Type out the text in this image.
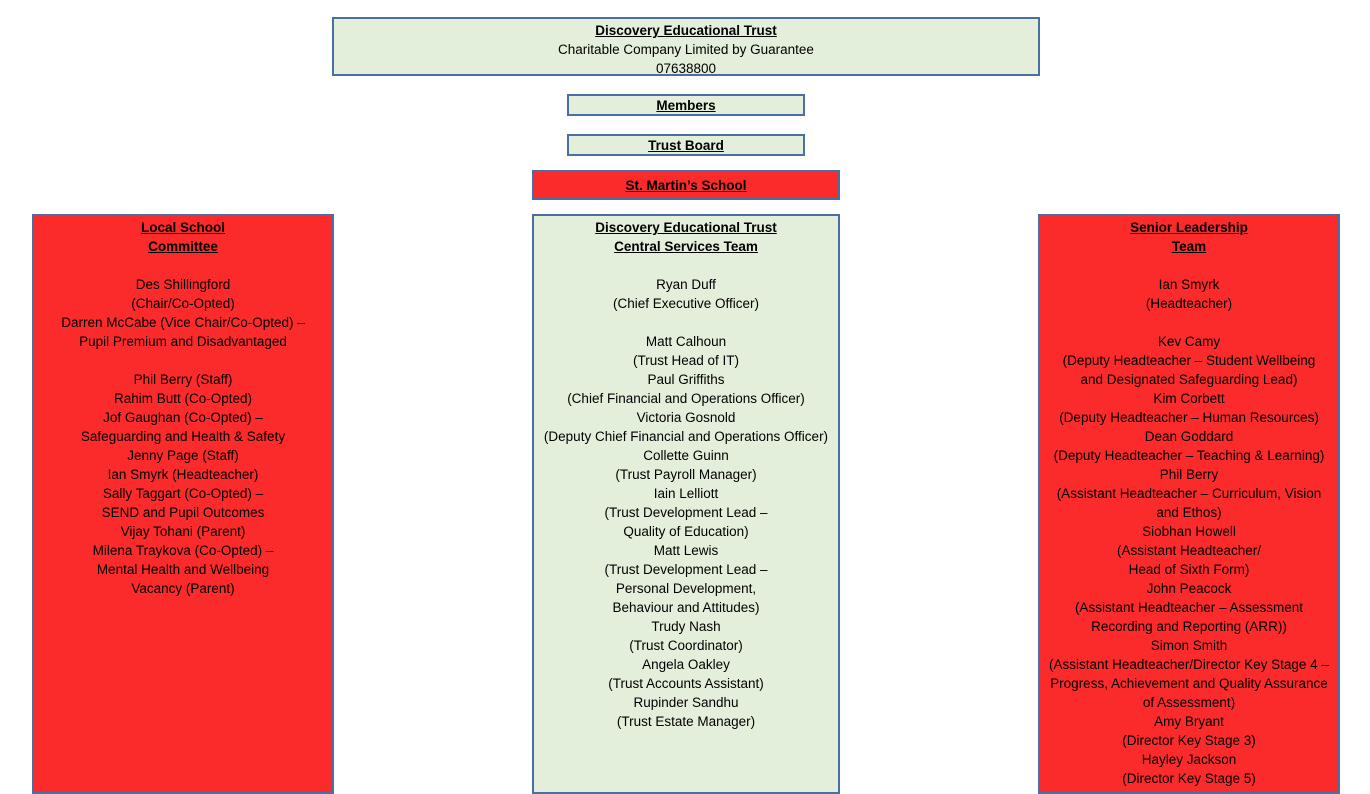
Discovery Educational Trust
Charitable Company Limited by Guarantee
07638800
Members
Trust Board
St. Martin’s School
Local School
Committee
Des Shillingford
(Chair/Co-Opted)
Darren McCabe (Vice Chair/Co-Opted) –
Pupil Premium and Disadvantaged
Phil Berry (Staff)
Rahim Butt (Co-Opted)
Jof Gaughan (Co-Opted) –
Safeguarding and Health & Safety
Jenny Page (Staff)
Ian Smyrk (Headteacher)
Sally Taggart (Co-Opted) –
SEND and Pupil Outcomes
Vijay Tohani (Parent)
Milena Traykova (Co-Opted) –
Mental Health and Wellbeing
Vacancy (Parent)
Discovery Educational Trust
Central Services Team
Ryan Duff
(Chief Executive Officer)
Matt Calhoun
(Trust Head of IT)
Paul Griffiths
(Chief Financial and Operations Officer)
Victoria Gosnold
(Deputy Chief Financial and Operations Officer)
Collette Guinn
(Trust Payroll Manager)
Iain Lelliott
(Trust Development Lead –
Quality of Education)
Matt Lewis
(Trust Development Lead –
Personal Development,
Behaviour and Attitudes)
Trudy Nash
(Trust Coordinator)
Angela Oakley
(Trust Accounts Assistant)
Rupinder Sandhu
(Trust Estate Manager)
Senior Leadership
Team
Ian Smyrk
(Headteacher)
Kev Camy
(Deputy Headteacher – Student Wellbeing
and Designated Safeguarding Lead)
Kim Corbett
(Deputy Headteacher – Human Resources)
Dean Goddard
(Deputy Headteacher – Teaching & Learning)
Phil Berry
(Assistant Headteacher – Curriculum, Vision
and Ethos)
Siobhan Howell
(Assistant Headteacher/
Head of Sixth Form)
John Peacock
(Assistant Headteacher – Assessment
Recording and Reporting (ARR))
Simon Smith
(Assistant Headteacher/Director Key Stage 4 –
Progress, Achievement and Quality Assurance
of Assessment)
Amy Bryant
(Director Key Stage 3)
Hayley Jackson
(Director Key Stage 5)
